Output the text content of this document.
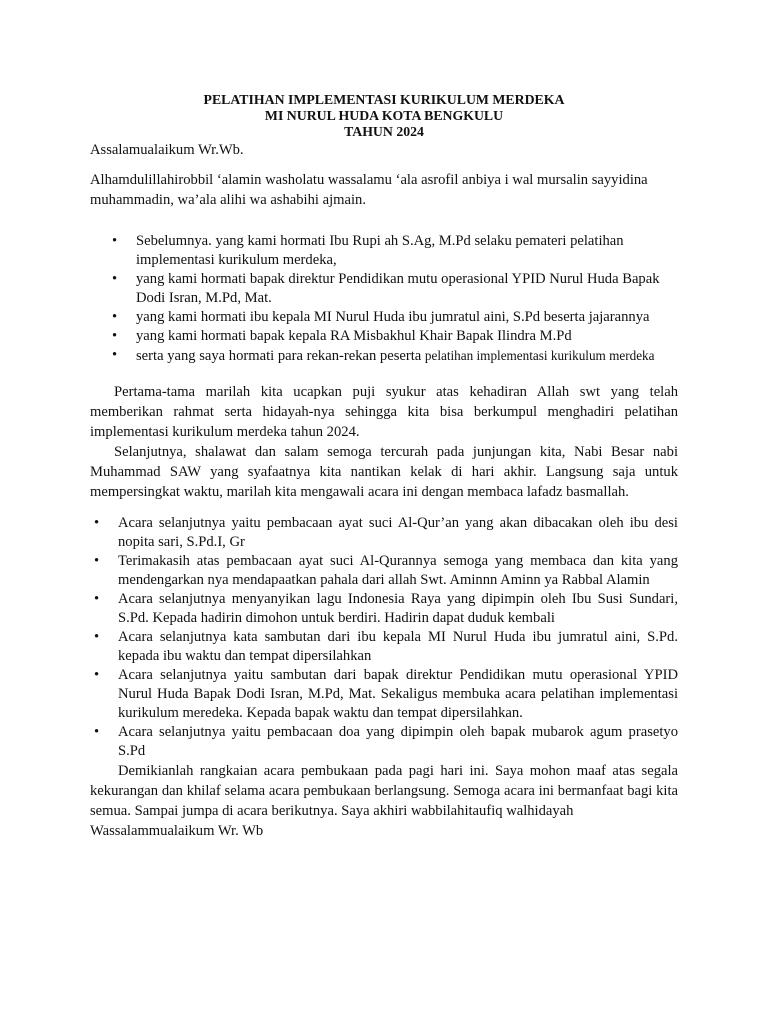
PELATIHAN IMPLEMENTASI KURIKULUM MERDEKA
MI NURUL HUDA KOTA BENGKULU
TAHUN 2024

Assalamualaikum Wr.Wb.

Alhamdulillahirobbil ‘alamin washolatu wassalamu ‘ala asrofil anbiya i wal mursalin sayyidina muhammadin, wa’ala alihi wa ashabihi ajmain.

• Sebelumnya. yang kami hormati Ibu Rupi ah S.Ag, M.Pd selaku pemateri pelatihan implementasi kurikulum merdeka,
• yang kami hormati bapak direktur Pendidikan mutu operasional YPID Nurul Huda Bapak Dodi Isran, M.Pd, Mat.
• yang kami hormati ibu kepala MI Nurul Huda ibu jumratul aini, S.Pd beserta jajarannya
• yang kami hormati bapak kepala RA Misbakhul Khair Bapak Ilindra M.Pd
• serta yang saya hormati para rekan-rekan peserta pelatihan implementasi kurikulum merdeka

Pertama-tama marilah kita ucapkan puji syukur atas kehadiran Allah swt yang telah memberikan rahmat serta hidayah-nya sehingga kita bisa berkumpul menghadiri pelatihan implementasi kurikulum merdeka tahun 2024.

Selanjutnya, shalawat dan salam semoga tercurah pada junjungan kita, Nabi Besar nabi Muhammad SAW yang syafaatnya kita nantikan kelak di hari akhir. Langsung saja untuk mempersingkat waktu, marilah kita mengawali acara ini dengan membaca lafadz basmallah.

• Acara selanjutnya yaitu pembacaan ayat suci Al-Qur’an yang akan dibacakan oleh ibu desi nopita sari, S.Pd.I, Gr
• Terimakasih atas pembacaan ayat suci Al-Qurannya semoga yang membaca dan kita yang mendengarkan nya mendapaatkan pahala dari allah Swt. Aminnn Aminn ya Rabbal Alamin
• Acara selanjutnya menyanyikan lagu Indonesia Raya yang dipimpin oleh Ibu Susi Sundari, S.Pd. Kepada hadirin dimohon untuk berdiri. Hadirin dapat duduk kembali
• Acara selanjutnya kata sambutan dari ibu kepala MI Nurul Huda ibu jumratul aini, S.Pd. kepada ibu waktu dan tempat dipersilahkan
• Acara selanjutnya yaitu sambutan dari bapak direktur Pendidikan mutu operasional YPID Nurul Huda Bapak Dodi Isran, M.Pd, Mat. Sekaligus membuka acara pelatihan implementasi kurikulum meredeka. Kepada bapak waktu dan tempat dipersilahkan.
• Acara selanjutnya yaitu pembacaan doa yang dipimpin oleh bapak mubarok agum prasetyo S.Pd

Demikianlah rangkaian acara pembukaan pada pagi hari ini. Saya mohon maaf atas segala kekurangan dan khilaf selama acara pembukaan berlangsung. Semoga acara ini bermanfaat bagi kita semua. Sampai jumpa di acara berikutnya. Saya akhiri wabbilahitaufiq walhidayah

Wassalammualaikum Wr. Wb
